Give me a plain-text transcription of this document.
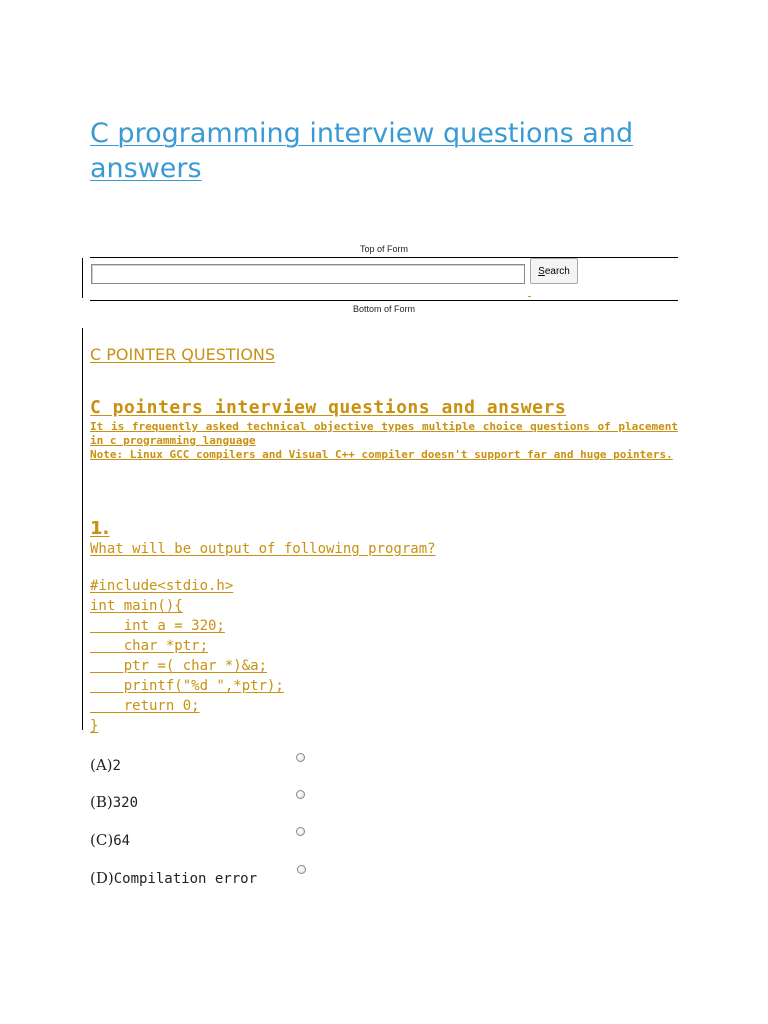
C programming interview questions and answers
Top of Form
Search
Bottom of Form
C POINTER QUESTIONS
C pointers interview questions and answers
It is frequently asked technical objective types multiple choice questions of placement in c programming language
Note: Linux GCC compilers and Visual C++ compiler doesn't support far and huge pointers.
1.
What will be output of following program?
#include<stdio.h>
int main(){
int a = 320;
char *ptr;
ptr =( char *)&a;
printf("%d ",*ptr);
return 0;
}
(A)2
(B)320
(C)64
(D)Compilation error
